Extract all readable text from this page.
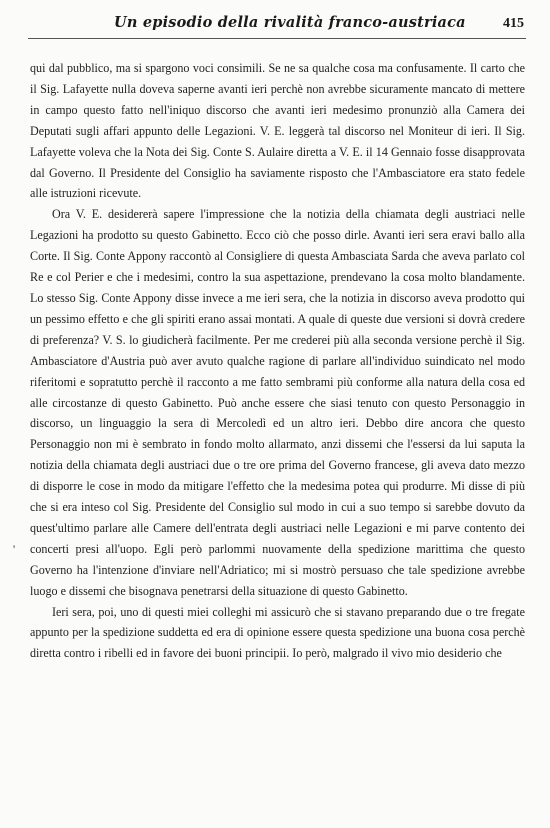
Un episodio della rivalità franco-austriaca	415
'

qui dal pubblico, ma si spargono voci consimili. Se ne sa qualche cosa ma confusamente. Il carto che il Sig. Lafayette nulla doveva saperne avanti ieri perchè non avrebbe sicuramente mancato di mettere in campo questo fatto nell'iniquo discorso che avanti ieri medesimo pronunziò alla Camera dei Deputati sugli affari appunto delle Legazioni. V. E. leggerà tal discorso nel Moniteur di ieri. Il Sig. Lafayette voleva che la Nota dei Sig. Conte S. Aulaire diretta a V. E. il 14 Gennaio fosse disapprovata dal Governo. Il Presidente del Consiglio ha saviamente risposto che l'Ambasciatore era stato fedele alle istruzioni ricevute.

Ora V. E. desidererà sapere l'impressione che la notizia della chiamata degli austriaci nelle Legazioni ha prodotto su questo Gabinetto. Ecco ciò che posso dirle. Avanti ieri sera eravi ballo alla Corte. Il Sig. Conte Appony raccontò al Consigliere di questa Ambasciata Sarda che aveva parlato col Re e col Perier e che i medesimi, contro la sua aspettazione, prendevano la cosa molto blandamente. Lo stesso Sig. Conte Appony disse invece a me ieri sera, che la notizia in discorso aveva prodotto qui un pessimo effetto e che gli spiriti erano assai montati. A quale di queste due versioni si dovrà credere di preferenza? V. S. lo giudicherà facilmente. Per me crederei più alla seconda versione perchè il Sig. Ambasciatore d'Austria può aver avuto qualche ragione di parlare all'individuo suindicato nel modo riferitomi e sopratutto perchè il racconto a me fatto sembrami più conforme alla natura della cosa ed alle circostanze di questo Gabinetto. Può anche essere che siasi tenuto con questo Personaggio in discorso, un linguaggio la sera di Mercoledì ed un altro ieri. Debbo dire ancora che questo Personaggio non mi è sembrato in fondo molto allarmato, anzi dissemi che l'essersi da lui saputa la notizia della chiamata degli austriaci due o tre ore prima del Governo francese, gli aveva dato mezzo di disporre le cose in modo da mitigare l'effetto che la medesima potea qui produrre. Mi disse di più che si era inteso col Sig. Presidente del Consiglio sul modo in cui a suo tempo si sarebbe dovuto da quest'ultimo parlare alle Camere dell'entrata degli austriaci nelle Legazioni e mi parve contento dei concerti presi all'uopo. Egli però parlommi nuovamente della spedizione marittima che questo Governo ha l'intenzione d'inviare nell'Adriatico; mi si mostrò persuaso che tale spedizione avrebbe luogo e dissemi che bisognava penetrarsi della situazione di questo Gabinetto.

Ieri sera, poi, uno di questi miei colleghi mi assicurò che si stavano preparando due o tre fregate appunto per la spedizione suddetta ed era di opinione essere questa spedizione una buona cosa perchè diretta contro i ribelli ed in favore dei buoni principii. Io però, malgrado il vivo mio desiderio che
